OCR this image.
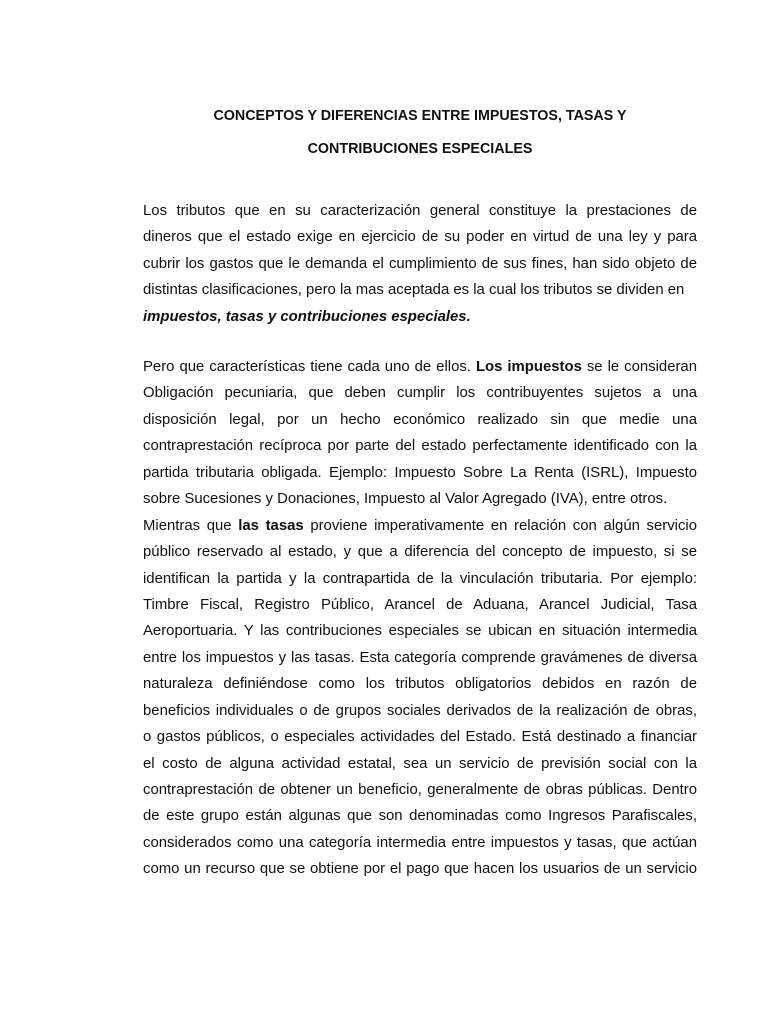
CONCEPTOS Y DIFERENCIAS ENTRE IMPUESTOS, TASAS Y
CONTRIBUCIONES ESPECIALES
Los tributos que en su caracterización general constituye la prestaciones de
dineros que el estado exige en ejercicio de su poder en virtud de una ley y para
cubrir los gastos que le demanda el cumplimiento de sus fines, han sido objeto de
distintas clasificaciones, pero la mas aceptada es la cual los tributos se dividen en
impuestos, tasas y contribuciones especiales.
Pero que características tiene cada uno de ellos. Los impuestos se le consideran
Obligación pecuniaria, que deben cumplir los contribuyentes sujetos a una
disposición legal, por un hecho económico realizado sin que medie una
contraprestación recíproca por parte del estado perfectamente identificado con la
partida tributaria obligada. Ejemplo: Impuesto Sobre La Renta (ISRL), Impuesto
sobre Sucesiones y Donaciones, Impuesto al Valor Agregado (IVA), entre otros.
Mientras que las tasas proviene imperativamente en relación con algún servicio
público reservado al estado, y que a diferencia del concepto de impuesto, si se
identifican la partida y la contrapartida de la vinculación tributaria. Por ejemplo:
Timbre Fiscal, Registro Público, Arancel de Aduana, Arancel Judicial, Tasa
Aeroportuaria. Y las contribuciones especiales se ubican en situación intermedia
entre los impuestos y las tasas. Esta categoría comprende gravámenes de diversa
naturaleza definiéndose como los tributos obligatorios debidos en razón de
beneficios individuales o de grupos sociales derivados de la realización de obras,
o gastos públicos, o especiales actividades del Estado. Está destinado a financiar
el costo de alguna actividad estatal, sea un servicio de previsión social con la
contraprestación de obtener un beneficio, generalmente de obras públicas. Dentro
de este grupo están algunas que son denominadas como Ingresos Parafiscales,
considerados como una categoría intermedia entre impuestos y tasas, que actúan
como un recurso que se obtiene por el pago que hacen los usuarios de un servicio
